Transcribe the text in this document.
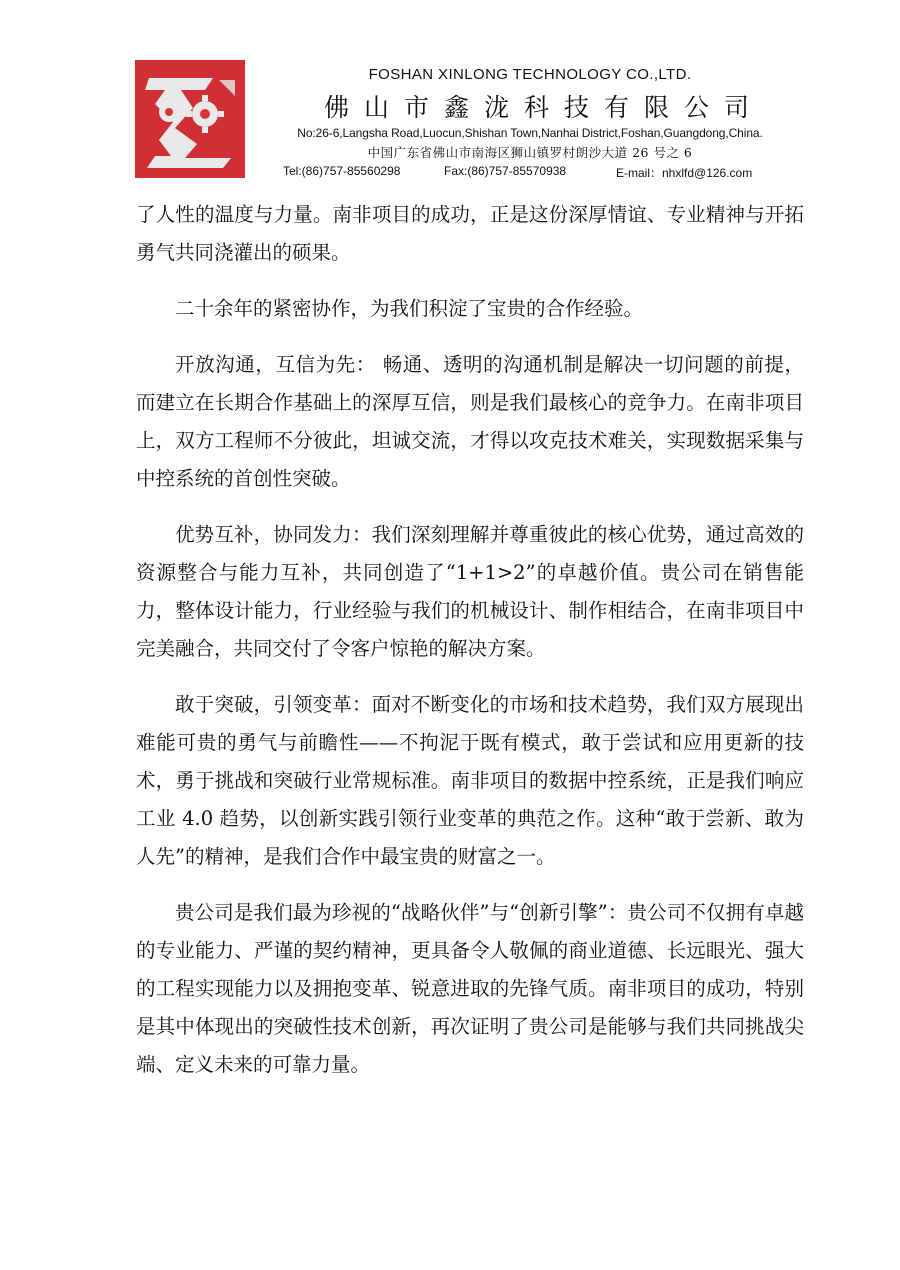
FOSHAN XINLONG TECHNOLOGY CO.,LTD.
佛山市鑫泷科技有限公司
No:26-6,Langsha Road,Luocun,Shishan Town,Nanhai District,Foshan,Guangdong,China.
中国广东省佛山市南海区狮山镇罗村朗沙大道 26 号之 6
Tel:(86)757-85560298	Fax:(86)757-85570938	E-mail：nhxlfd@126.com

了人性的温度与力量。南非项目的成功，正是这份深厚情谊、专业精神与开拓勇气共同浇灌出的硕果。

二十余年的紧密协作，为我们积淀了宝贵的合作经验。

开放沟通，互信为先： 畅通、透明的沟通机制是解决一切问题的前提，而建立在长期合作基础上的深厚互信，则是我们最核心的竞争力。在南非项目上，双方工程师不分彼此，坦诚交流，才得以攻克技术难关，实现数据采集与中控系统的首创性突破。

优势互补，协同发力：我们深刻理解并尊重彼此的核心优势，通过高效的资源整合与能力互补，共同创造了“1+1>2”的卓越价值。贵公司在销售能力，整体设计能力，行业经验与我们的机械设计、制作相结合，在南非项目中完美融合，共同交付了令客户惊艳的解决方案。

敢于突破，引领变革：面对不断变化的市场和技术趋势，我们双方展现出难能可贵的勇气与前瞻性——不拘泥于既有模式，敢于尝试和应用更新的技术，勇于挑战和突破行业常规标准。南非项目的数据中控系统，正是我们响应工业 4.0 趋势，以创新实践引领行业变革的典范之作。这种“敢于尝新、敢为人先”的精神，是我们合作中最宝贵的财富之一。

贵公司是我们最为珍视的“战略伙伴”与“创新引擎”：贵公司不仅拥有卓越的专业能力、严谨的契约精神，更具备令人敬佩的商业道德、长远眼光、强大的工程实现能力以及拥抱变革、锐意进取的先锋气质。南非项目的成功，特别是其中体现出的突破性技术创新，再次证明了贵公司是能够与我们共同挑战尖端、定义未来的可靠力量。
